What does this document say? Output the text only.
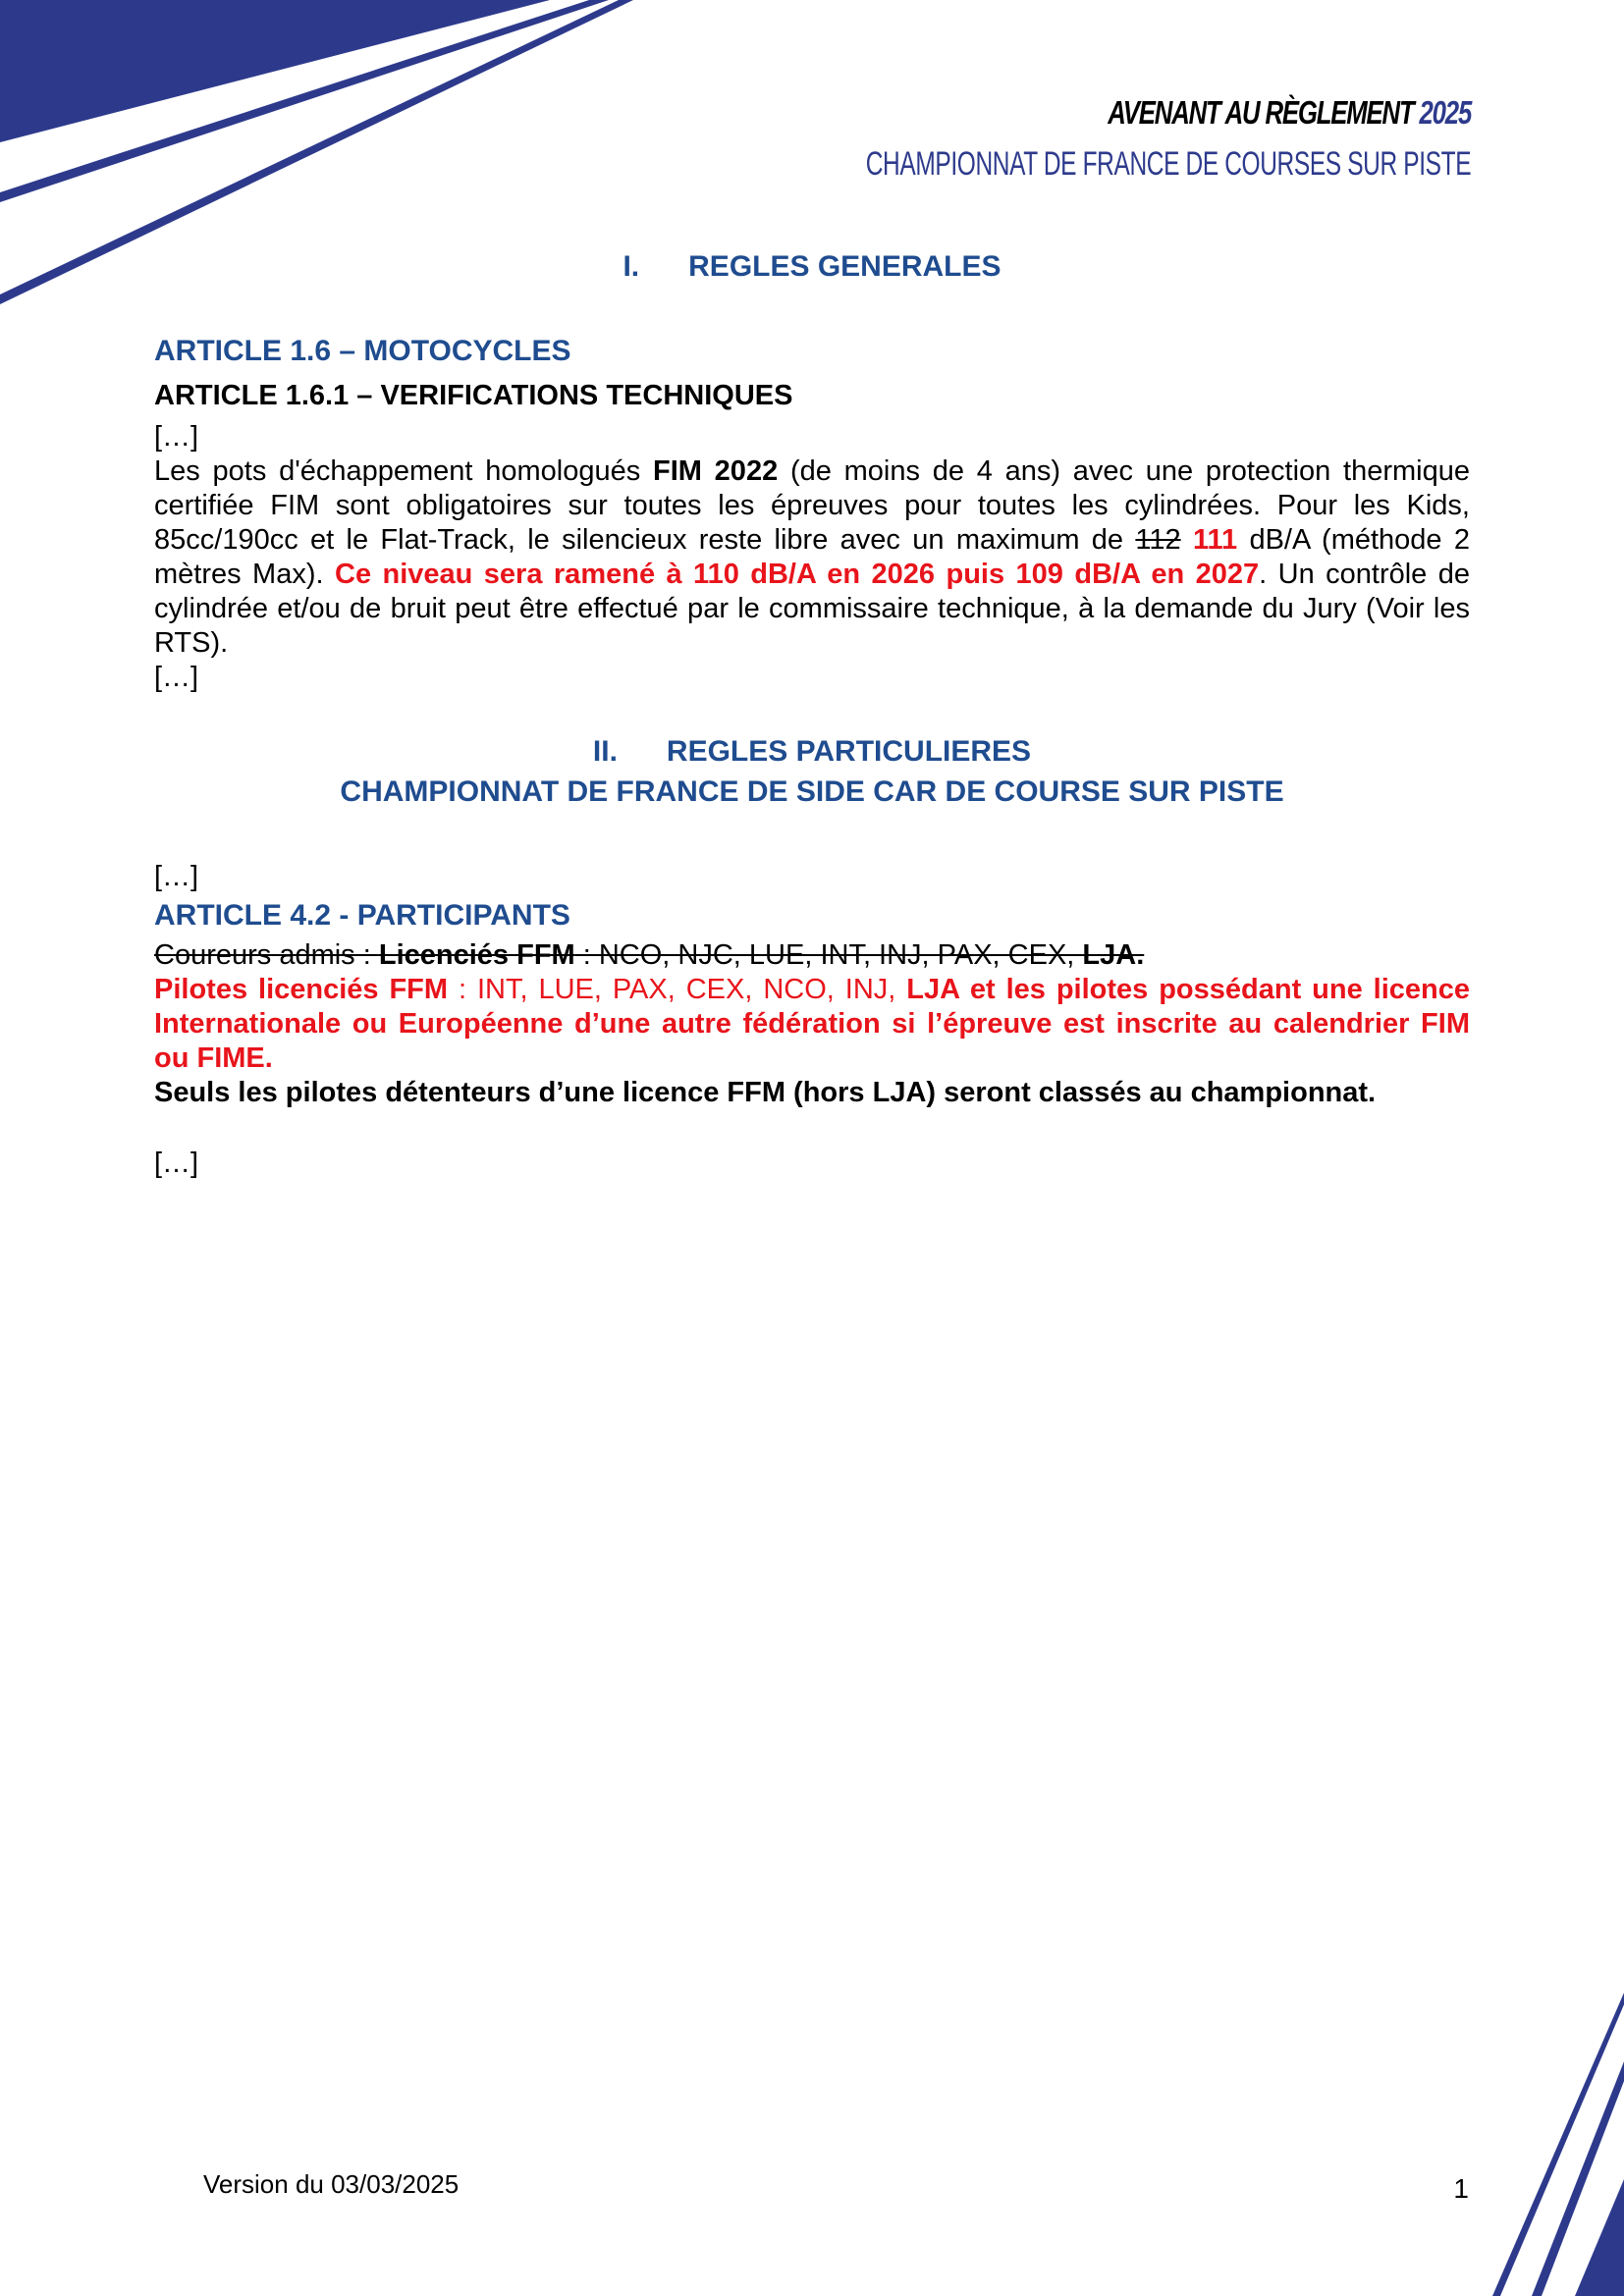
AVENANT AU RÈGLEMENT 2025
CHAMPIONNAT DE FRANCE DE COURSES SUR PISTE
I. REGLES GENERALES
ARTICLE 1.6 – MOTOCYCLES
ARTICLE 1.6.1 – VERIFICATIONS TECHNIQUES
[…]

Les pots d'échappement homologués FIM 2022 (de moins de 4 ans) avec une protection thermique certifiée FIM sont obligatoires sur toutes les épreuves pour toutes les cylindrées. Pour les Kids, 85cc/190cc et le Flat-Track, le silencieux reste libre avec un maximum de 112 111 dB/A (méthode 2 mètres Max). Ce niveau sera ramené à 110 dB/A en 2026 puis 109 dB/A en 2027. Un contrôle de cylindrée et/ou de bruit peut être effectué par le commissaire technique, à la demande du Jury (Voir les RTS).

[…]
II. REGLES PARTICULIERES
CHAMPIONNAT DE FRANCE DE SIDE CAR DE COURSE SUR PISTE
[…]
ARTICLE 4.2 - PARTICIPANTS
Coureurs admis : Licenciés FFM : NCO, NJC, LUE, INT, INJ, PAX, CEX, LJA.

Pilotes licenciés FFM : INT, LUE, PAX, CEX, NCO, INJ, LJA et les pilotes possédant une licence Internationale ou Européenne d’une autre fédération si l’épreuve est inscrite au calendrier FIM ou FIME.

Seuls les pilotes détenteurs d’une licence FFM (hors LJA) seront classés au championnat.
[…]
Version du 03/03/2025	1
